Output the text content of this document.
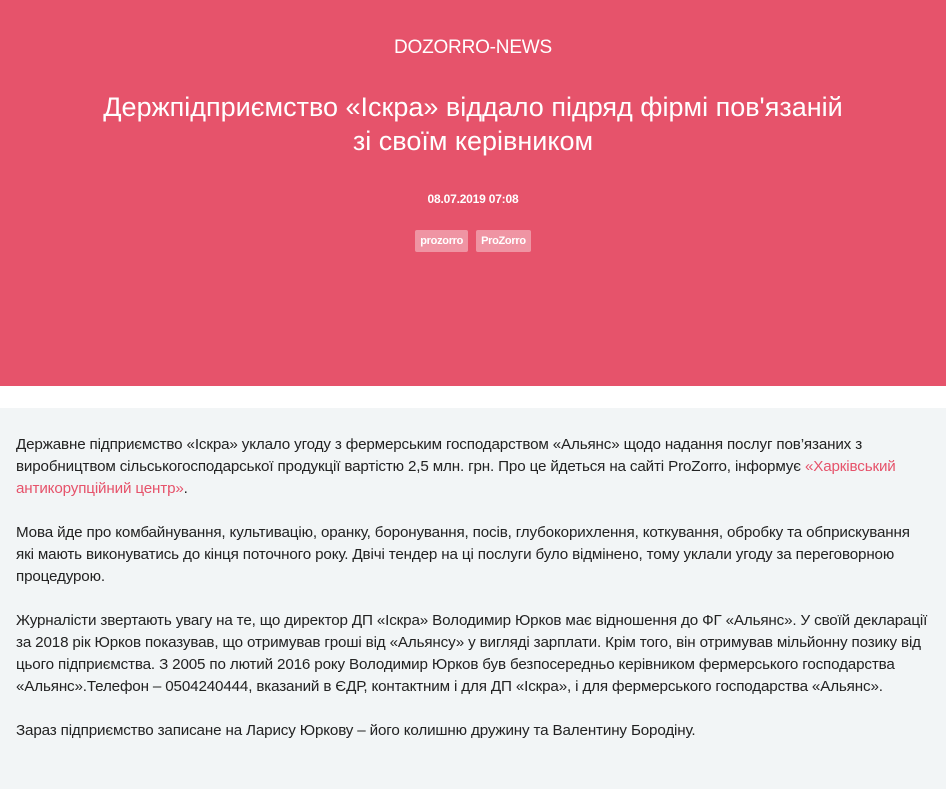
DOZORRO-NEWS
Держпідприємство «Іскра» віддало підряд фірмі пов'язаній зі своїм керівником
08.07.2019 07:08
prozorro	ProZorro

Державне підприємство «Іскра» уклало угоду з фермерським господарством «Альянс» щодо надання послуг пов’язаних з виробництвом сільськогосподарської продукції вартістю 2,5 млн. грн. Про це йдеться на сайті ProZorro, інформує «Харківський антикорупційний центр».

Мова йде про комбайнування, культивацію, оранку, боронування, посів, глубокорихлення, коткування, обробку та обприскування які мають виконуватись до кінця поточного року. Двічі тендер на ці послуги було відмінено, тому уклали угоду за переговорною процедурою.

Журналісти звертають увагу на те, що директор ДП «Іскра» Володимир Юрков має відношення до ФГ «Альянс». У своїй декларації за 2018 рік Юрков показував, що отримував гроші від «Альянсу» у вигляді зарплати. Крім того, він отримував мільйонну позику від цього підприємства. З 2005 по лютий 2016 року Володимир Юрков був безпосередньо керівником фермерського господарства «Альянс».Телефон – 0504240444, вказаний в ЄДР, контактним і для ДП «Іскра», і для фермерського господарства «Альянс».

Зараз підприємство записане на Ларису Юркову – його колишню дружину та Валентину Бородіну.
